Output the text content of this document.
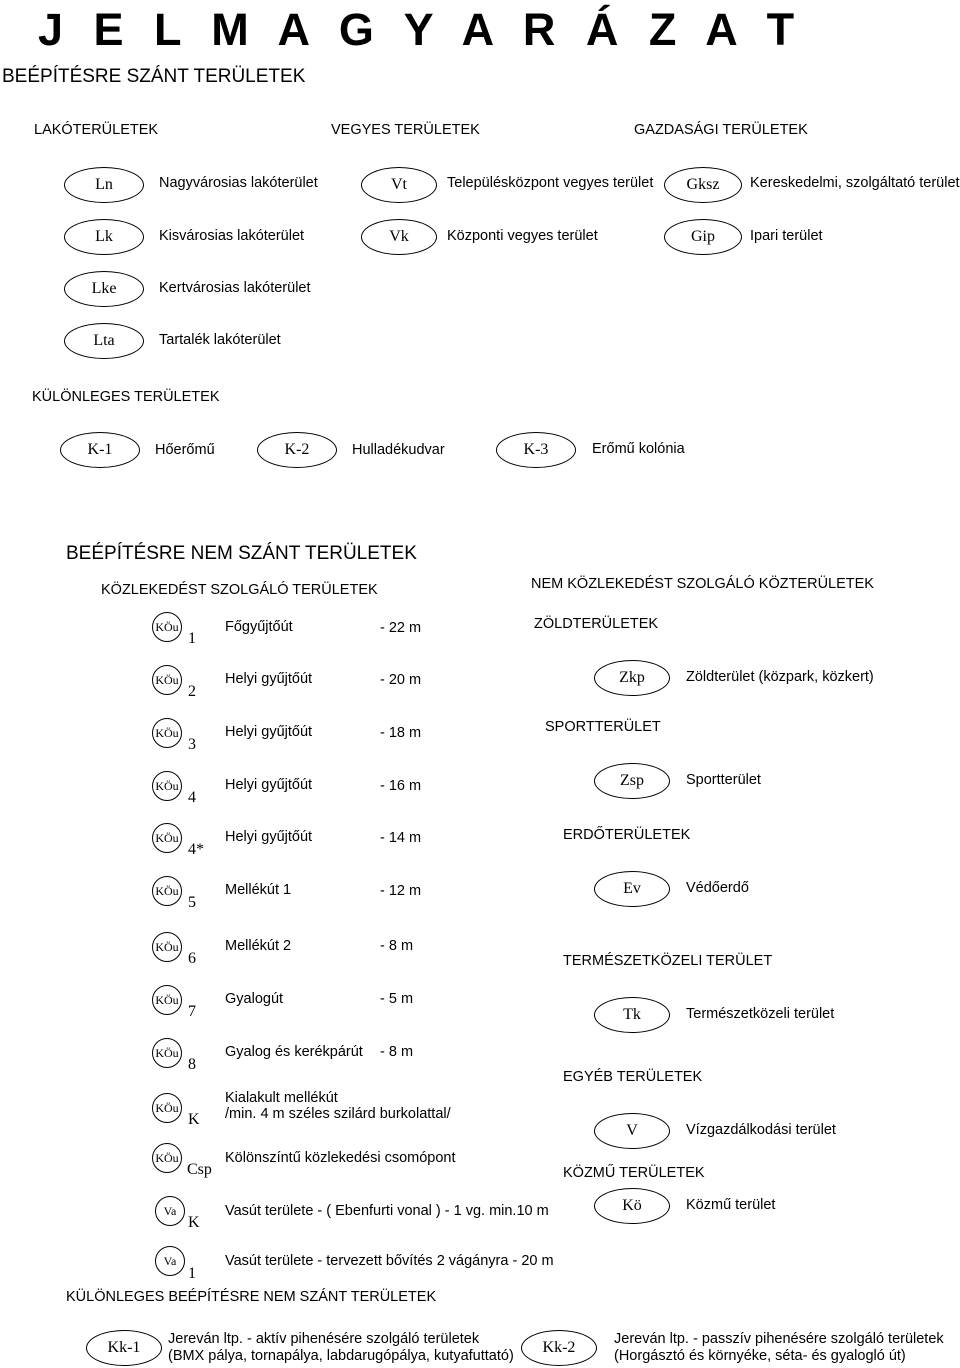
J E L M A G Y A R Á Z A T
BEÉPÍTÉSRE SZÁNT TERÜLETEK
LAKÓTERÜLETEK	VEGYES TERÜLETEK	GAZDASÁGI TERÜLETEK
Ln	Nagyvárosias lakóterület
Lk	Kisvárosias lakóterület
Lke	Kertvárosias lakóterület
Lta	Tartalék lakóterület
Vt	Településközpont vegyes terület
Vk	Központi vegyes terület
Gksz	Kereskedelmi, szolgáltató terület
Gip	Ipari terület
KÜLÖNLEGES TERÜLETEK
K-1	Hőerőmű	K-2	Hulladékudvar	K-3	Erőmű kolónia
BEÉPÍTÉSRE NEM SZÁNT TERÜLETEK
KÖZLEKEDÉST SZOLGÁLÓ TERÜLETEK	NEM KÖZLEKEDÉST SZOLGÁLÓ KÖZTERÜLETEK
KÖu
1
Főgyűjtőút	- 22 m
KÖu
2
Helyi gyűjtőút	- 20 m
KÖu
3
Helyi gyűjtőút	- 18 m
KÖu
4
Helyi gyűjtőút	- 16 m
KÖu
4*
Helyi gyűjtőút	- 14 m
KÖu
5
Mellékút 1	- 12 m
KÖu
6
Mellékút 2	- 8 m
KÖu
7
Gyalogút	- 5 m
KÖu
8
Gyalog és kerékpárút - 8 m
KÖu
K
Kialakult mellékút
/min. 4 m széles szilárd burkolattal/
KÖu
Csp
Kölönszíntű közlekedési csomópont
Va
K
Vasút területe - ( Ebenfurti vonal ) - 1 vg. min.10 m
Va
1
Vasút területe - tervezett bővítés 2 vágányra - 20 m
ZÖLDTERÜLETEK
Zkp	Zöldterület (közpark, közkert)
SPORTTERÜLET
Zsp	Sportterület
ERDŐTERÜLETEK
Ev	Védőerdő
TERMÉSZETKÖZELI TERÜLET
Tk	Természetközeli terület
EGYÉB TERÜLETEK
V	Vízgazdálkodási terület
KÖZMŰ TERÜLETEK
Kö	Közmű terület
KÜLÖNLEGES BEÉPÍTÉSRE NEM SZÁNT TERÜLETEK
Kk-1	Jereván ltp. - aktív pihenésére szolgáló területek
(BMX pálya, tornapálya, labdarugópálya, kutyafuttató)	Kk-2	Jereván ltp. - passzív pihenésére szolgáló területek
(Horgásztó és környéke, séta- és gyalogló út)
